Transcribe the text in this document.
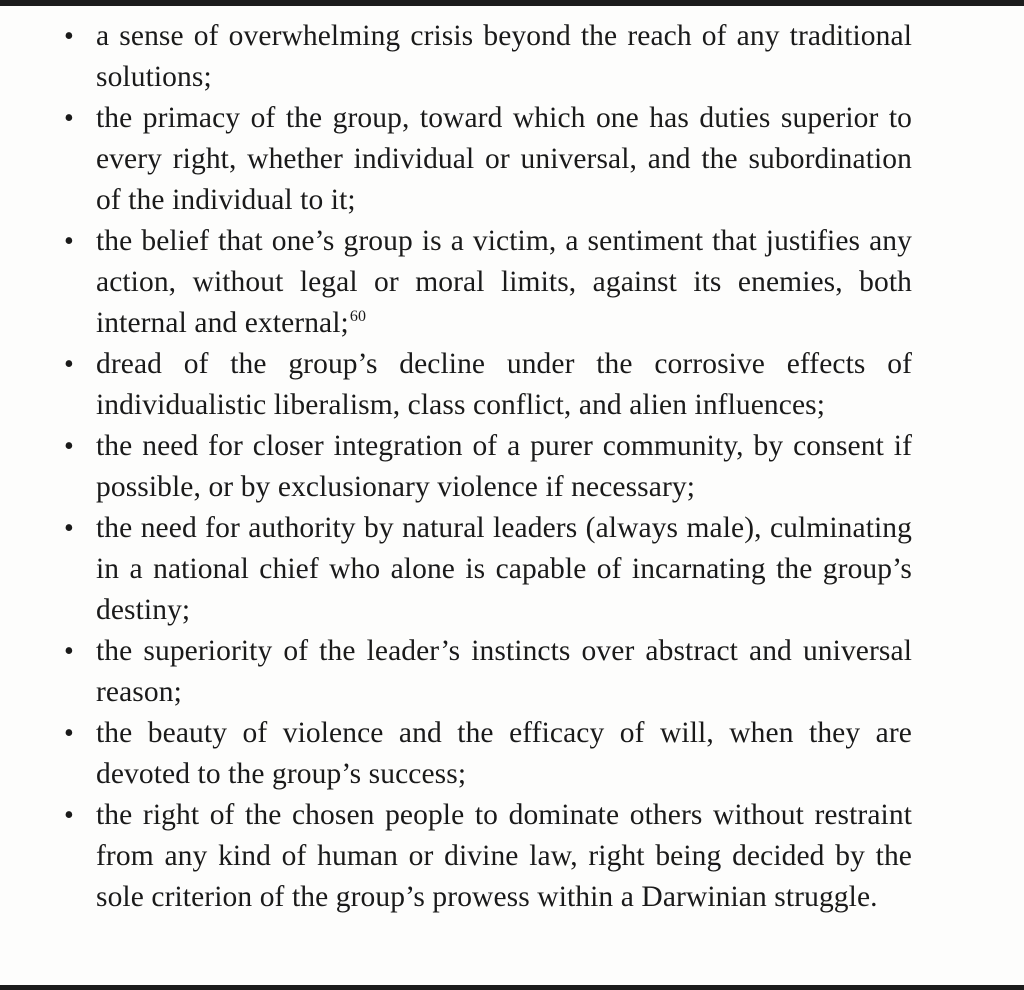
• a sense of overwhelming crisis beyond the reach of any traditional solutions;
• the primacy of the group, toward which one has duties superior to every right, whether individual or universal, and the subordination of the individual to it;
• the belief that one’s group is a victim, a sentiment that justifies any action, without legal or moral limits, against its enemies, both internal and external;$^{60}$
• dread of the group’s decline under the corrosive effects of individualistic liberalism, class conflict, and alien influences;
• the need for closer integration of a purer community, by consent if possible, or by exclusionary violence if necessary;
• the need for authority by natural leaders (always male), culminating in a national chief who alone is capable of incarnating the group’s destiny;
• the superiority of the leader’s instincts over abstract and universal reason;
• the beauty of violence and the efficacy of will, when they are devoted to the group’s success;
• the right of the chosen people to dominate others without restraint from any kind of human or divine law, right being decided by the sole criterion of the group’s prowess within a Darwinian struggle.
